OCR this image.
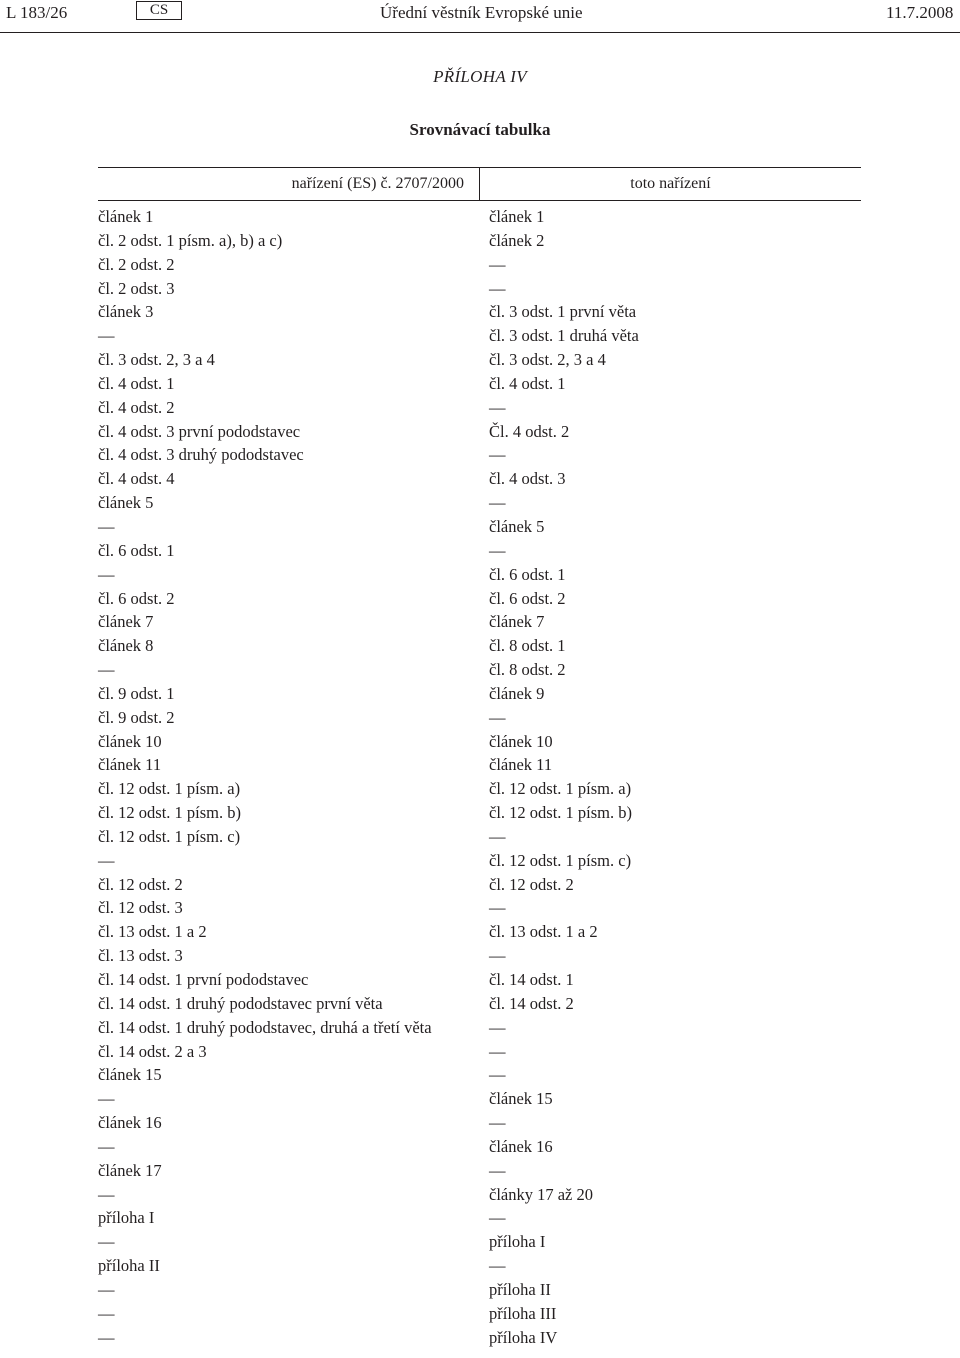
L 183/26	CS	Úřední věstník Evropské unie	11.7.2008
PŘÍLOHA IV
Srovnávací tabulka
nařízení (ES) č. 2707/2000	toto nařízení
článek 1	článek 1
čl. 2 odst. 1 písm. a), b) a c)	článek 2
čl. 2 odst. 2	—
čl. 2 odst. 3	—
článek 3	čl. 3 odst. 1 první věta
—	čl. 3 odst. 1 druhá věta
čl. 3 odst. 2, 3 a 4	čl. 3 odst. 2, 3 a 4
čl. 4 odst. 1	čl. 4 odst. 1
čl. 4 odst. 2	—
čl. 4 odst. 3 první pododstavec	Čl. 4 odst. 2
čl. 4 odst. 3 druhý pododstavec	—
čl. 4 odst. 4	čl. 4 odst. 3
článek 5	—
—	článek 5
čl. 6 odst. 1	—
—	čl. 6 odst. 1
čl. 6 odst. 2	čl. 6 odst. 2
článek 7	článek 7
článek 8	čl. 8 odst. 1
—	čl. 8 odst. 2
čl. 9 odst. 1	článek 9
čl. 9 odst. 2	—
článek 10	článek 10
článek 11	článek 11
čl. 12 odst. 1 písm. a)	čl. 12 odst. 1 písm. a)
čl. 12 odst. 1 písm. b)	čl. 12 odst. 1 písm. b)
čl. 12 odst. 1 písm. c)	—
—	čl. 12 odst. 1 písm. c)
čl. 12 odst. 2	čl. 12 odst. 2
čl. 12 odst. 3	—
čl. 13 odst. 1 a 2	čl. 13 odst. 1 a 2
čl. 13 odst. 3	—
čl. 14 odst. 1 první pododstavec	čl. 14 odst. 1
čl. 14 odst. 1 druhý pododstavec první věta	čl. 14 odst. 2
čl. 14 odst. 1 druhý pododstavec, druhá a třetí věta	—
čl. 14 odst. 2 a 3	—
článek 15	—
—	článek 15
článek 16	—
—	článek 16
článek 17	—
—	články 17 až 20
příloha I	—
—	příloha I
příloha II	—
—	příloha II
—	příloha III
—	příloha IV
